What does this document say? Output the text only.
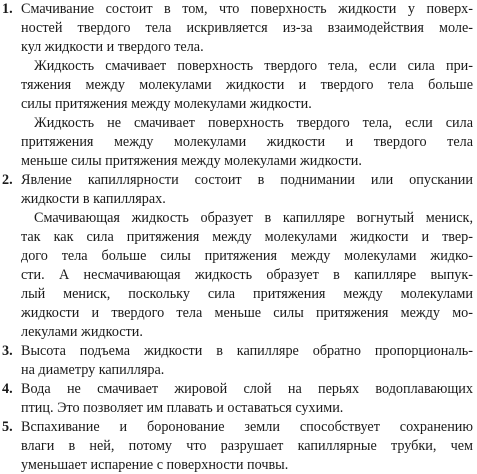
1. Смачивание состоит в том, что поверхность жидкости у поверх-
ностей твердого тела искривляется из-за взаимодействия моле-
кул жидкости и твердого тела.
Жидкость смачивает поверхность твердого тела, если сила при-
тяжения между молекулами жидкости и твердого тела больше
силы притяжения между молекулами жидкости.
Жидкость не смачивает поверхность твердого тела, если сила
притяжения между молекулами жидкости и твердого тела
меньше силы притяжения между молекулами жидкости.
2. Явление капиллярности состоит в поднимании или опускании
жидкости в капиллярах.
Смачивающая жидкость образует в капилляре вогнутый мениск,
так как сила притяжения между молекулами жидкости и твер-
дого тела больше силы притяжения между молекулами жидко-
сти. А несмачивающая жидкость образует в капилляре выпук-
лый мениск, поскольку сила притяжения между молекулами
жидкости и твердого тела меньше силы притяжения между мо-
лекулами жидкости.
3. Высота подъема жидкости в капилляре обратно пропорциональ-
на диаметру капилляра.
4. Вода не смачивает жировой слой на перьях водоплавающих
птиц. Это позволяет им плавать и оставаться сухими.
5. Вспахивание и боронование земли способствует сохранению
влаги в ней, потому что разрушает капиллярные трубки, чем
уменьшает испарение с поверхности почвы.
